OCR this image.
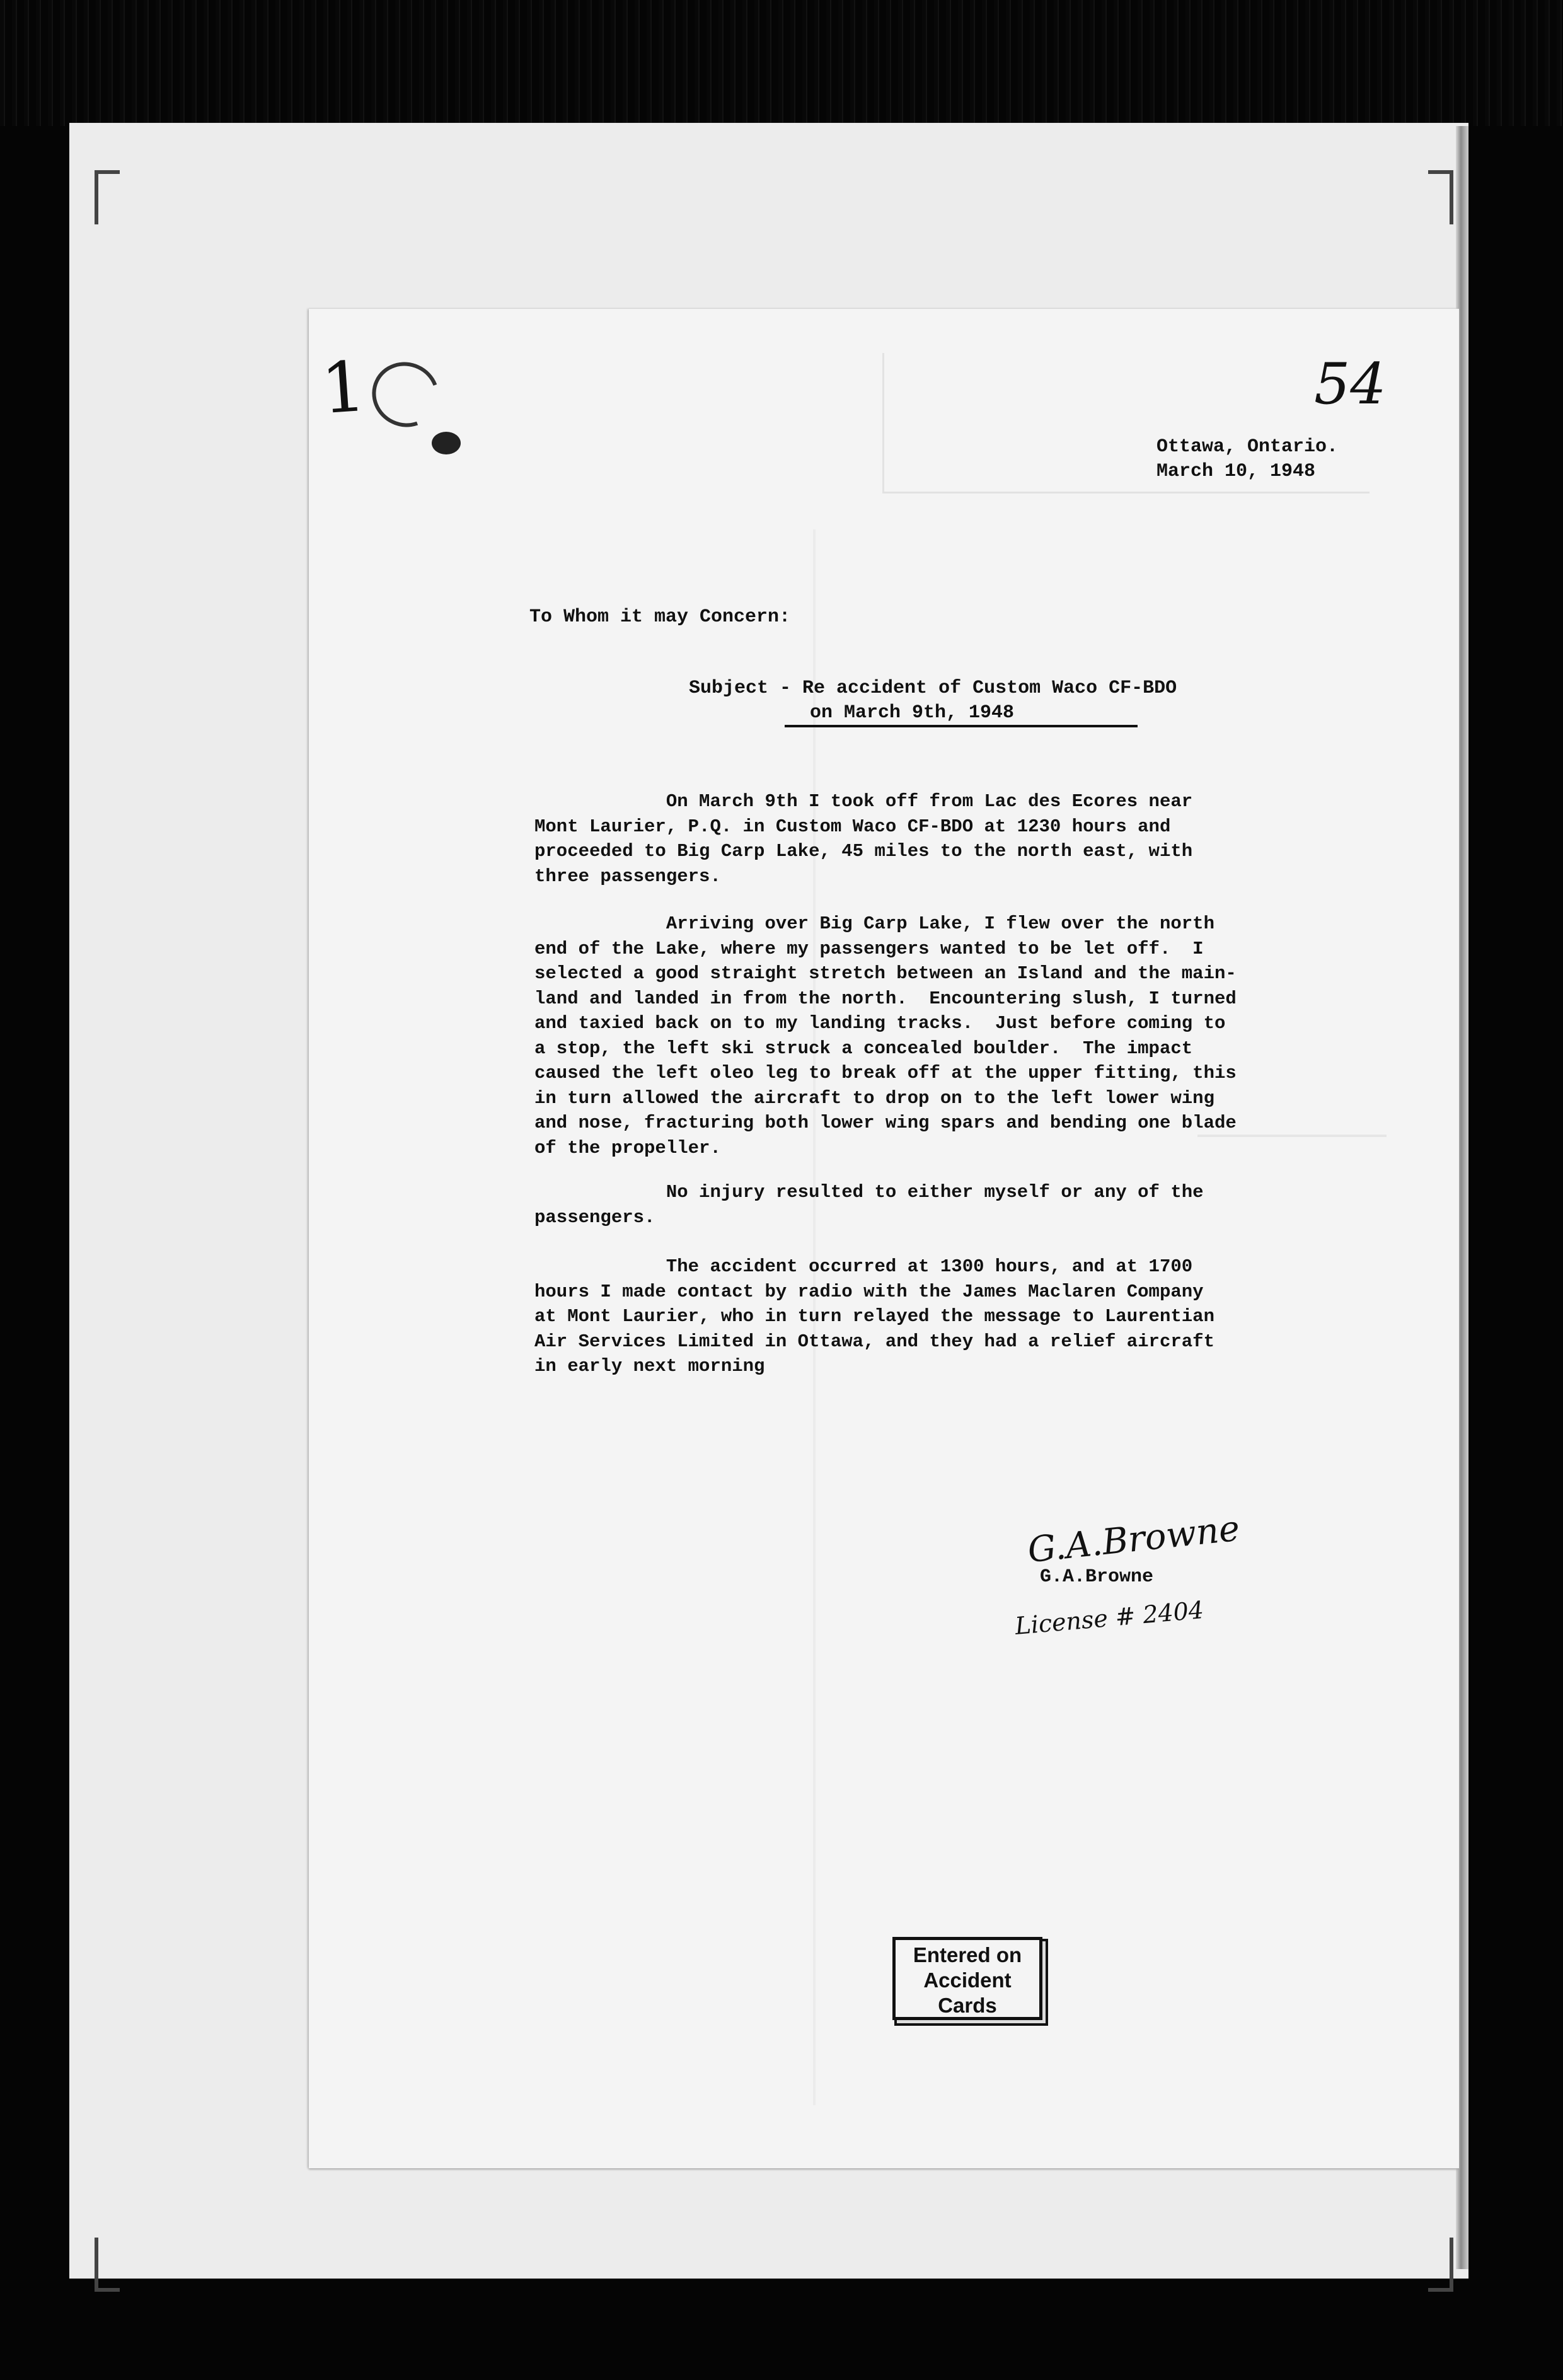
1	54
Ottawa, Ontario.
March 10, 1948
To Whom it may Concern:
Subject - Re accident of Custom Waco CF-BDO
on March 9th, 1948
On March 9th I took off from Lac des Ecores near
Mont Laurier, P.Q. in Custom Waco CF-BDO at 1230 hours and
proceeded to Big Carp Lake, 45 miles to the north east, with
three passengers.
Arriving over Big Carp Lake, I flew over the north
end of the Lake, where my passengers wanted to be let off.  I
selected a good straight stretch between an Island and the main-
land and landed in from the north.  Encountering slush, I turned
and taxied back on to my landing tracks.  Just before coming to
a stop, the left ski struck a concealed boulder.  The impact
caused the left oleo leg to break off at the upper fitting, this
in turn allowed the aircraft to drop on to the left lower wing
and nose, fracturing both lower wing spars and bending one blade
of the propeller.
No injury resulted to either myself or any of the
passengers.
The accident occurred at 1300 hours, and at 1700
hours I made contact by radio with the James Maclaren Company
at Mont Laurier, who in turn relayed the message to Laurentian
Air Services Limited in Ottawa, and they had a relief aircraft
in early next morning
G.A.Browne
G.A.Browne
License # 2404
Entered on
Accident
Cards
